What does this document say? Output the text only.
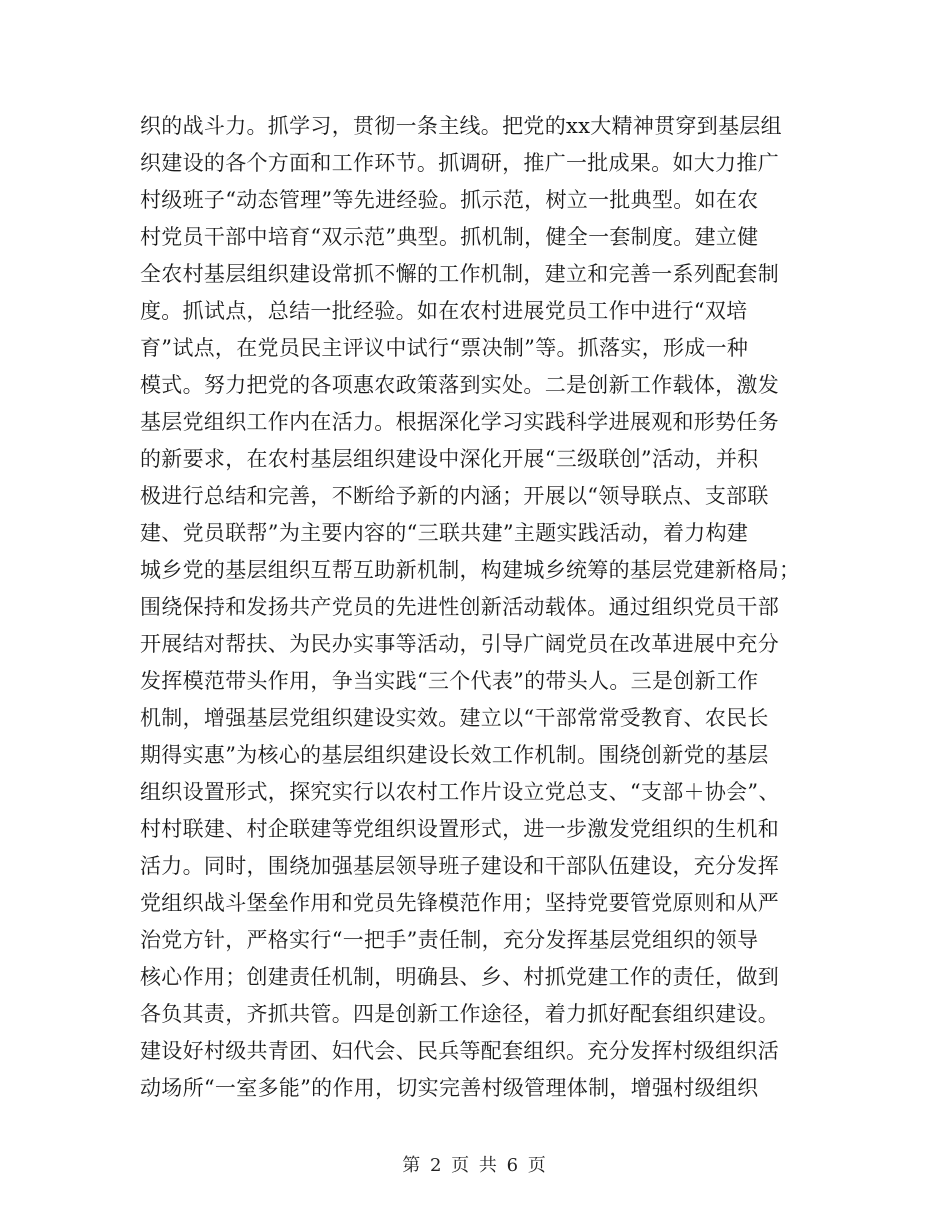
织的战斗力。抓学习，贯彻一条主线。把党的xx大精神贯穿到基层组
织建设的各个方面和工作环节。抓调研，推广一批成果。如大力推广
村级班子“动态管理”等先进经验。抓示范，树立一批典型。如在农
村党员干部中培育“双示范”典型。抓机制，健全一套制度。建立健
全农村基层组织建设常抓不懈的工作机制，建立和完善一系列配套制
度。抓试点，总结一批经验。如在农村进展党员工作中进行“双培
育”试点，在党员民主评议中试行“票决制”等。抓落实，形成一种
模式。努力把党的各项惠农政策落到实处。二是创新工作载体，激发
基层党组织工作内在活力。根据深化学习实践科学进展观和形势任务
的新要求，在农村基层组织建设中深化开展“三级联创”活动，并积
极进行总结和完善，不断给予新的内涵；开展以“领导联点、支部联
建、党员联帮”为主要内容的“三联共建”主题实践活动，着力构建
城乡党的基层组织互帮互助新机制，构建城乡统筹的基层党建新格局；
围绕保持和发扬共产党员的先进性创新活动载体。通过组织党员干部
开展结对帮扶、为民办实事等活动，引导广阔党员在改革进展中充分
发挥模范带头作用，争当实践“三个代表”的带头人。三是创新工作
机制，增强基层党组织建设实效。建立以“干部常常受教育、农民长
期得实惠”为核心的基层组织建设长效工作机制。围绕创新党的基层
组织设置形式，探究实行以农村工作片设立党总支、“支部＋协会”、
村村联建、村企联建等党组织设置形式，进一步激发党组织的生机和
活力。同时，围绕加强基层领导班子建设和干部队伍建设，充分发挥
党组织战斗堡垒作用和党员先锋模范作用；坚持党要管党原则和从严
治党方针，严格实行“一把手”责任制，充分发挥基层党组织的领导
核心作用；创建责任机制，明确县、乡、村抓党建工作的责任，做到
各负其责，齐抓共管。四是创新工作途径，着力抓好配套组织建设。
建设好村级共青团、妇代会、民兵等配套组织。充分发挥村级组织活
动场所“一室多能”的作用，切实完善村级管理体制，增强村级组织
第 2 页 共 6 页
